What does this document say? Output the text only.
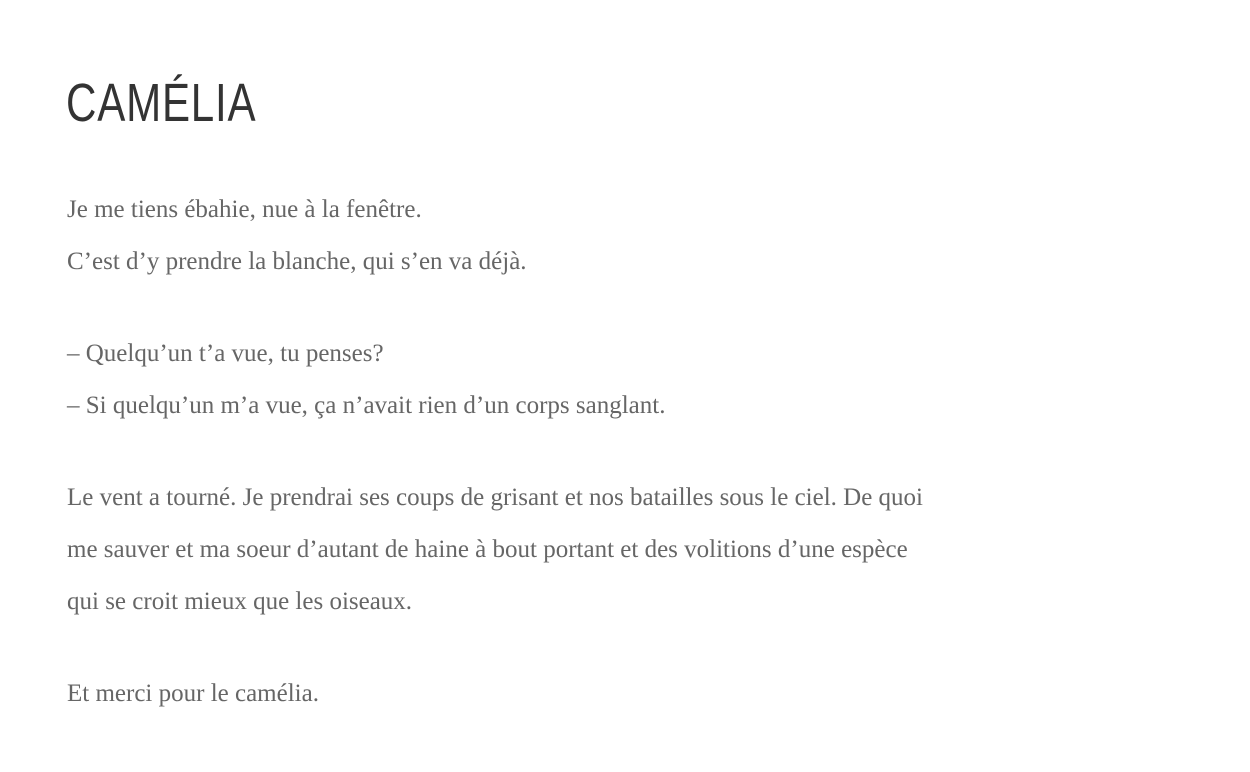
CAMÉLIA
Je me tiens ébahie, nue à la fenêtre.
C’est d’y prendre la blanche, qui s’en va déjà.
– Quelqu’un t’a vue, tu penses?
– Si quelqu’un m’a vue, ça n’avait rien d’un corps sanglant.
Le vent a tourné. Je prendrai ses coups de grisant et nos batailles sous le ciel. De quoi
me sauver et ma soeur d’autant de haine à bout portant et des volitions d’une espèce
qui se croit mieux que les oiseaux.
Et merci pour le camélia.
